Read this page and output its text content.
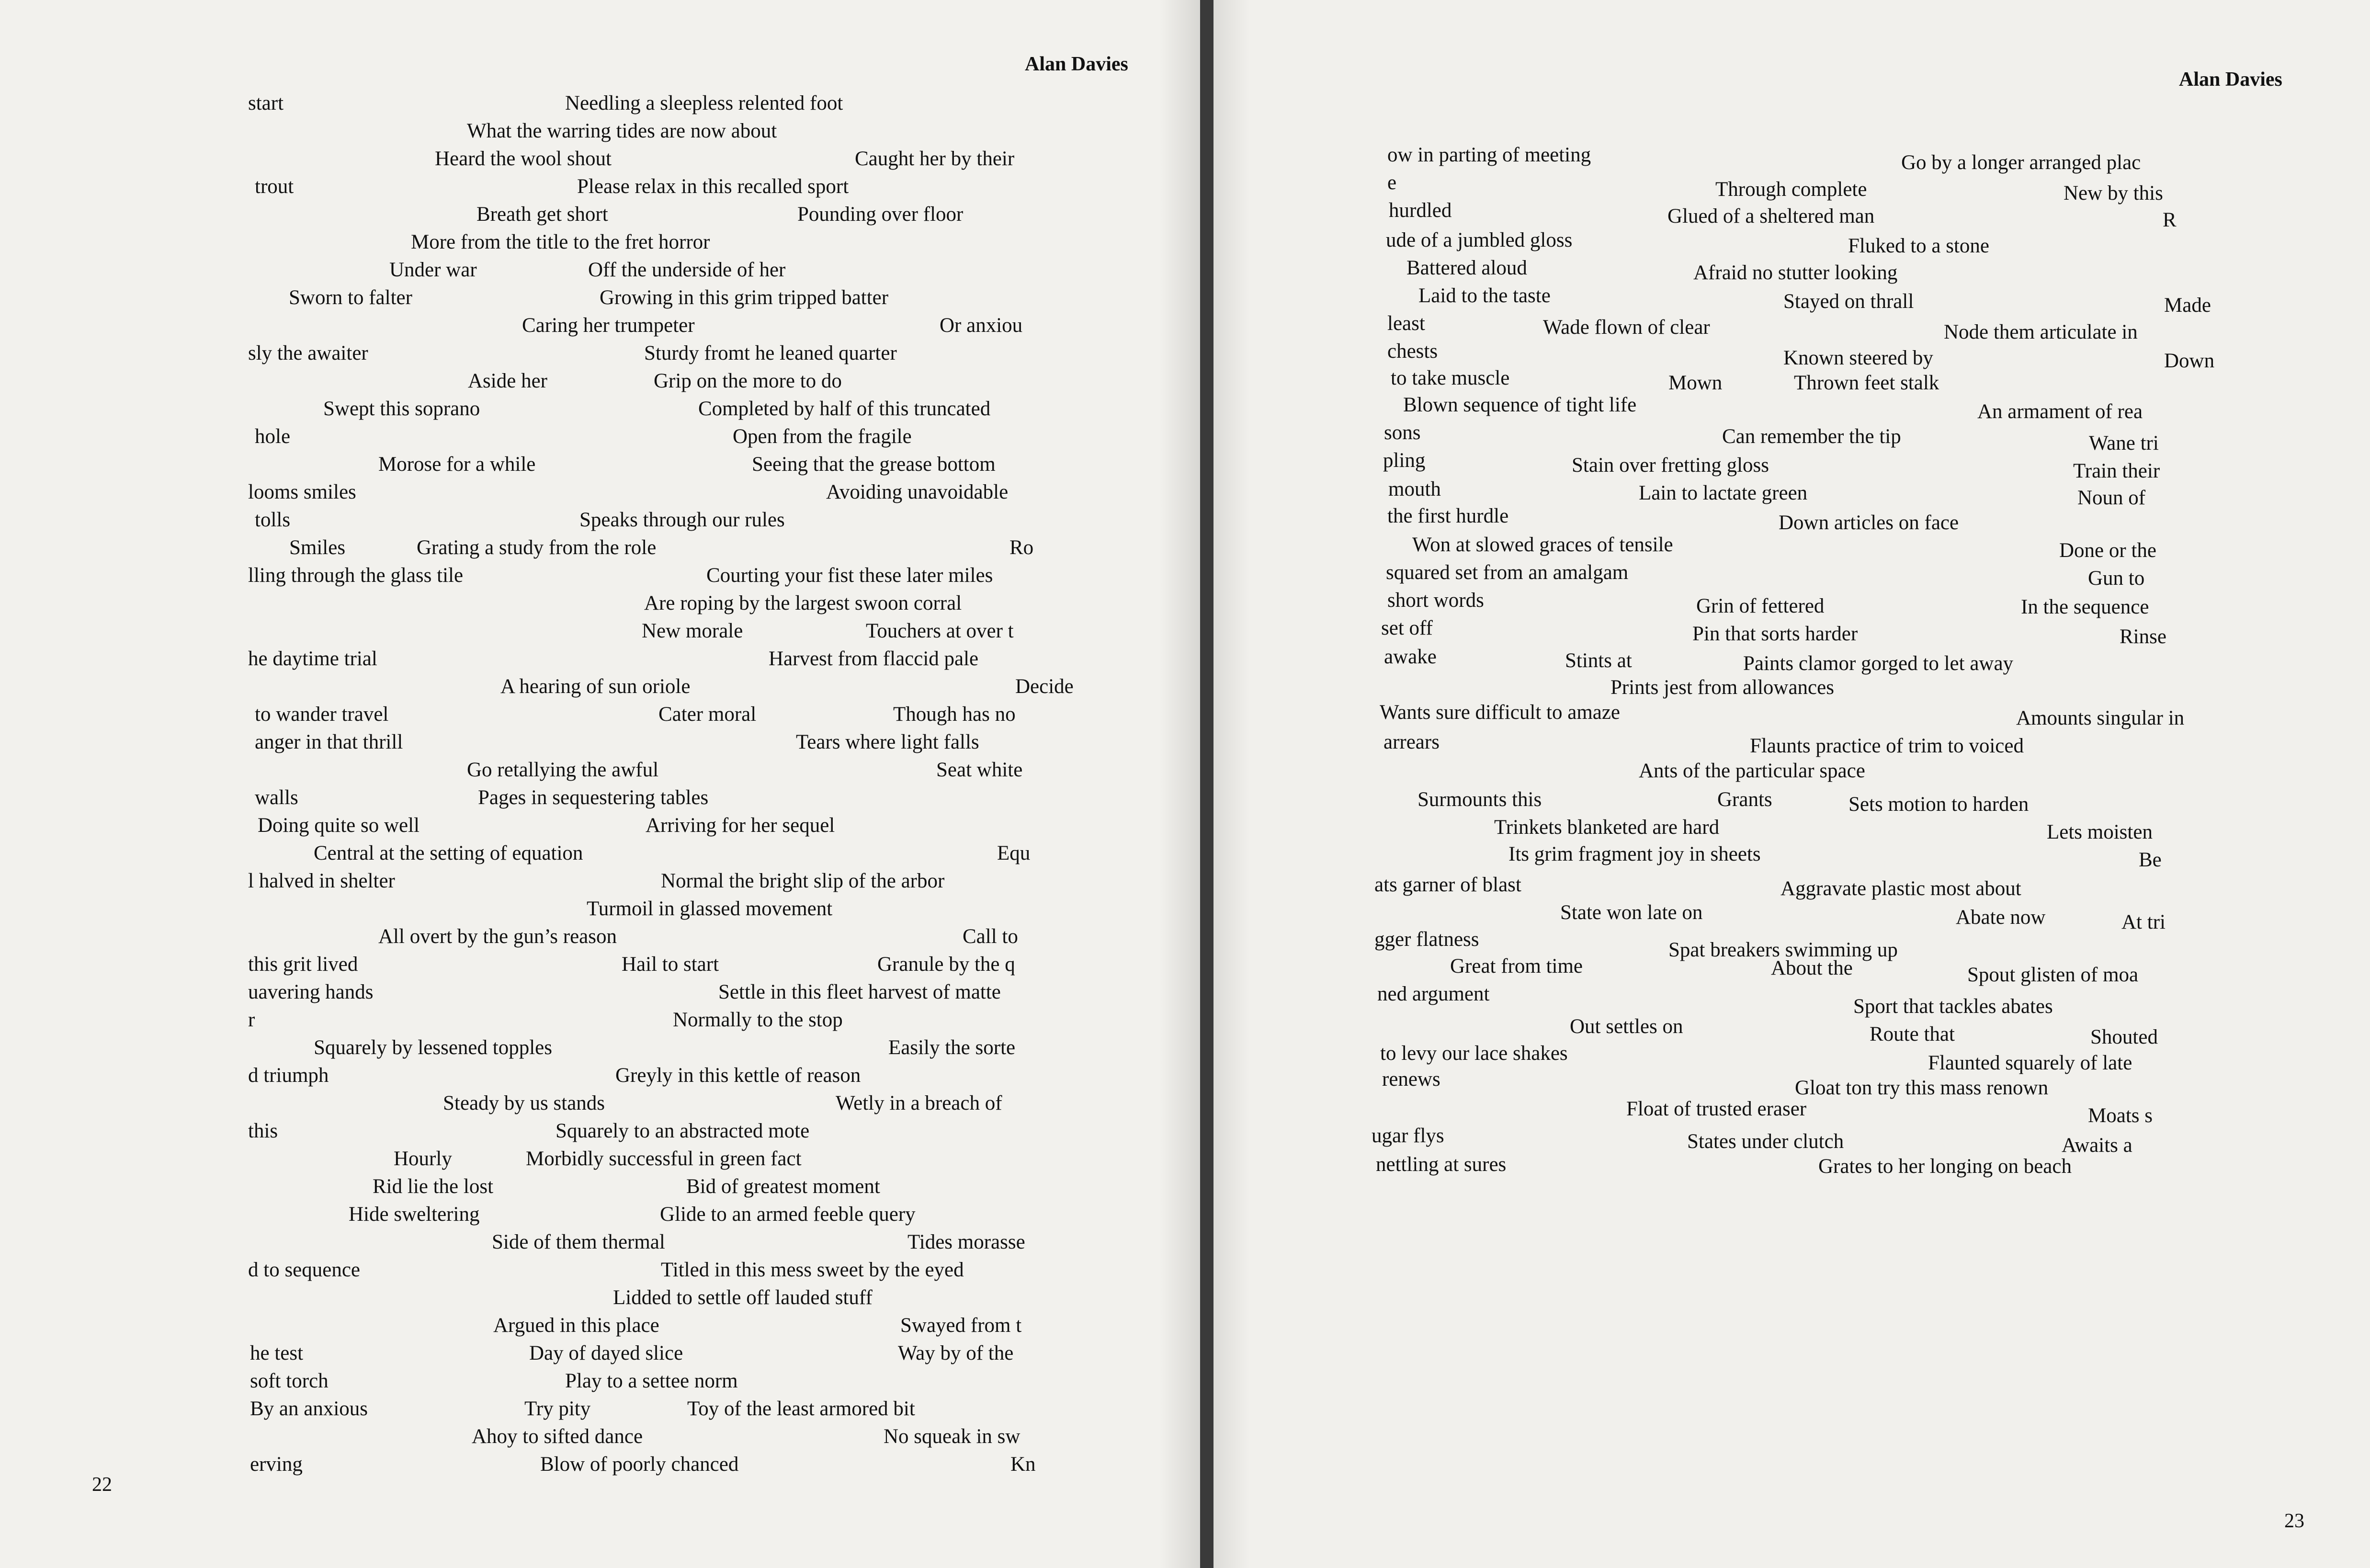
Alan Davies
22
start	Needling a sleepless relented foot
What the warring tides are now about
Heard the wool shout	Caught her by their
trout	Please relax in this recalled sport
Breath get short	Pounding over floor
More from the title to the fret horror
Under war	Off the underside of her
Sworn to falter	Growing in this grim tripped batter
Caring her trumpeter	Or anxiou
sly the awaiter	Sturdy fromt he leaned quarter
Aside her	Grip on the more to do
Swept this soprano	Completed by half of this truncated
hole	Open from the fragile
Morose for a while	Seeing that the grease bottom
looms smiles	Avoiding unavoidable
tolls	Speaks through our rules
Smiles	Grating a study from the role	Ro
lling through the glass tile	Courting your fist these later miles
Are roping by the largest swoon corral
New morale	Touchers at over t
he daytime trial	Harvest from flaccid pale
A hearing of sun oriole	Decide
to wander travel	Cater moral	Though has no
anger in that thrill	Tears where light falls
Go retallying the awful	Seat white
walls	Pages in sequestering tables
Doing quite so well	Arriving for her sequel
Central at the setting of equation	Equ
l halved in shelter	Normal the bright slip of the arbor
Turmoil in glassed movement
All overt by the gun’s reason	Call to
this grit lived	Hail to start	Granule by the q
uavering hands	Settle in this fleet harvest of matte
r	Normally to the stop
Squarely by lessened topples	Easily the sorte
d triumph	Greyly in this kettle of reason
Steady by us stands	Wetly in a breach of
this	Squarely to an abstracted mote
Hourly	Morbidly successful in green fact
Rid lie the lost	Bid of greatest moment
Hide sweltering	Glide to an armed feeble query
Side of them thermal	Tides morasse
d to sequence	Titled in this mess sweet by the eyed
Lidded to settle off lauded stuff
Argued in this place	Swayed from t
he test	Day of dayed slice	Way by of the
soft torch	Play to a settee norm
By an anxious	Try pity	Toy of the least armored bit
Ahoy to sifted dance	No squeak in sw
erving	Blow of poorly chanced	Kn
Alan Davies
23
ow in parting of meeting	Go by a longer arranged plac
e	Through complete	New by this
hurdled	Glued of a sheltered man	R
ude of a jumbled gloss	Fluked to a stone
Battered aloud	Afraid no stutter looking
Laid to the taste	Stayed on thrall	Made
least	Wade flown of clear	Node them articulate in
chests	Known steered by	Down
to take muscle	Mown	Thrown feet stalk
Blown sequence of tight life	An armament of rea
sons	Can remember the tip	Wane tri
pling	Stain over fretting gloss	Train their
mouth	Lain to lactate green	Noun of
the first hurdle	Down articles on face
Won at slowed graces of tensile	Done or the
squared set from an amalgam	Gun to
short words	Grin of fettered	In the sequence
set off	Pin that sorts harder	Rinse
awake	Stints at	Paints clamor gorged to let away
Prints jest from allowances
Wants sure difficult to amaze	Amounts singular in
arrears	Flaunts practice of trim to voiced
Ants of the particular space
Surmounts this	Grants	Sets motion to harden
Trinkets blanketed are hard	Lets moisten
Its grim fragment joy in sheets	Be
ats garner of blast	Aggravate plastic most about
State won late on	Abate now	At tri
gger flatness	Spat breakers swimming up
Great from time	About the	Spout glisten of moa
ned argument
Sport that tackles abates
Out settles on	Route that	Shouted
to levy our lace shakes	Flaunted squarely of late
renews	Gloat ton try this mass renown
Float of trusted eraser	Moats s
ugar flys	States under clutch	Awaits a
nettling at sures	Grates to her longing on beach
